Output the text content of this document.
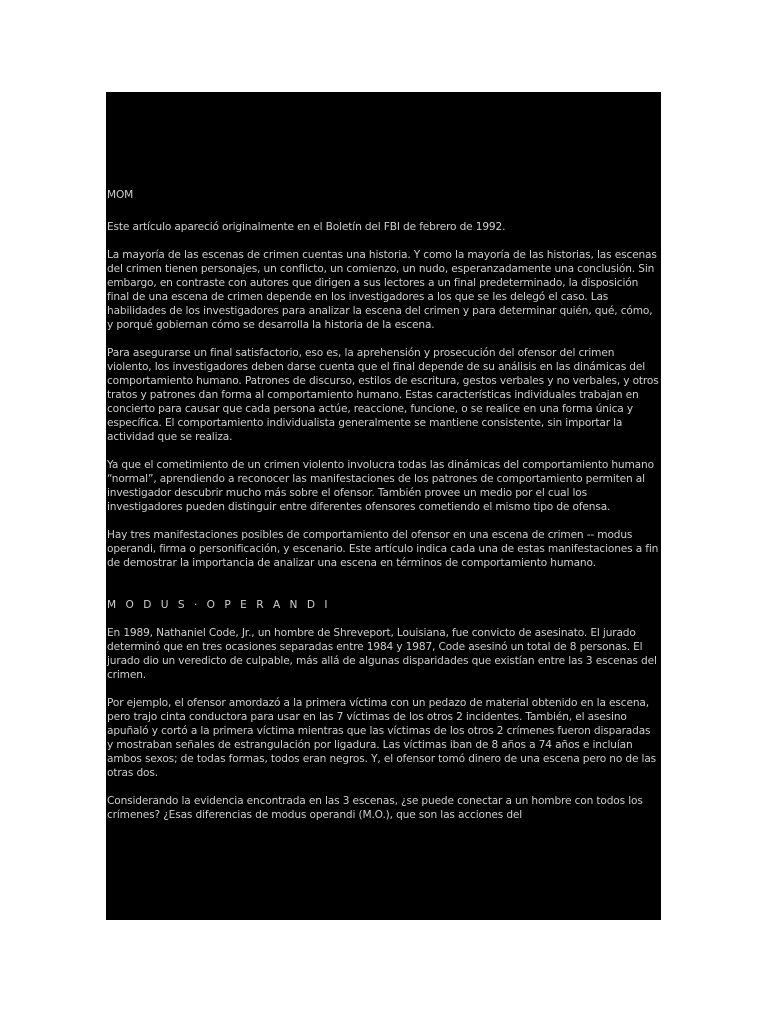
MOM

Este artículo apareció originalmente en el Boletín del FBI de febrero de 1992.

La mayoría de las escenas de crimen cuentas una historia. Y como la mayoría de las historias, las escenas del crimen tienen personajes, un conflicto, un comienzo, un nudo, esperanzadamente una conclusión. Sin embargo, en contraste con autores que dirigen a sus lectores a un final predeterminado, la disposición final de una escena de crimen depende en los investigadores a los que se les delegó el caso. Las habilidades de los investigadores para analizar la escena del crimen y para determinar quién, qué, cómo, y porqué gobiernan cómo se desarrolla la historia de la escena.

Para asegurarse un final satisfactorio, eso es, la aprehensión y prosecución del ofensor del crimen violento, los investigadores deben darse cuenta que el final depende de su análisis en las dinámicas del comportamiento humano. Patrones de discurso, estilos de escritura, gestos verbales y no verbales, y otros tratos y patrones dan forma al comportamiento humano. Estas características individuales trabajan en concierto para causar que cada persona actúe, reaccione, funcione, o se realice en una forma única y específica. El comportamiento individualista generalmente se mantiene consistente, sin importar la actividad que se realiza.

Ya que el cometimiento de un crimen violento involucra todas las dinámicas del comportamiento humano “normal”, aprendiendo a reconocer las manifestaciones de los patrones de comportamiento permiten al investigador descubrir mucho más sobre el ofensor. También provee un medio por el cual los investigadores pueden distinguir entre diferentes ofensores cometiendo el mismo tipo de ofensa.

Hay tres manifestaciones posibles de comportamiento del ofensor en una escena de crimen -- modus operandi, firma o personificación, y escenario. Este artículo indica cada una de estas manifestaciones a fin de demostrar la importancia de analizar una escena en términos de comportamiento humano.

M O D U S · O P E R A N D I

En 1989, Nathaniel Code, Jr., un hombre de Shreveport, Louisiana, fue convicto de asesinato. El jurado determinó que en tres ocasiones separadas entre 1984 y 1987, Code asesinó un total de 8 personas. El jurado dio un veredicto de culpable, más allá de algunas disparidades que existían entre las 3 escenas del crimen.

Por ejemplo, el ofensor amordazó a la primera víctima con un pedazo de material obtenido en la escena, pero trajo cinta conductora para usar en las 7 víctimas de los otros 2 incidentes. También, el asesino apuñaló y cortó a la primera víctima mientras que las víctimas de los otros 2 crímenes fueron disparadas y mostraban señales de estrangulación por ligadura. Las víctimas iban de 8 años a 74 años e incluían ambos sexos; de todas formas, todos eran negros. Y, el ofensor tomó dinero de una escena pero no de las otras dos.

Considerando la evidencia encontrada en las 3 escenas, ¿se puede conectar a un hombre con todos los crímenes? ¿Esas diferencias de modus operandi (M.O.), que son las acciones del
